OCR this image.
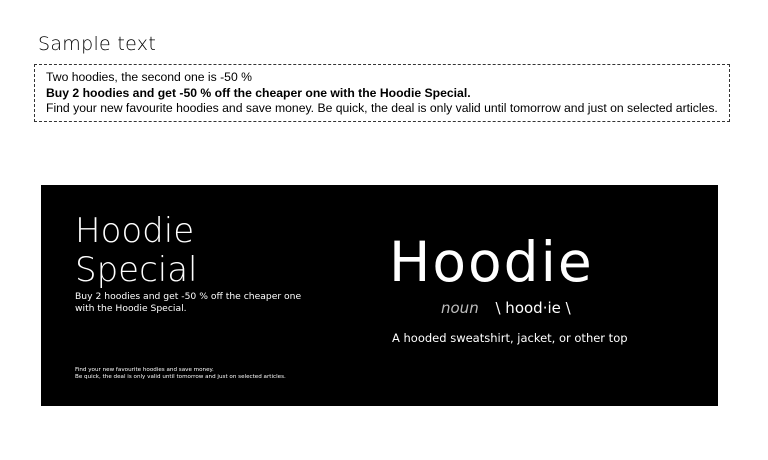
Sample text
Two hoodies, the second one is -50 %
Buy 2 hoodies and get -50 % off the cheaper one with the Hoodie Special.
Find your new favourite hoodies and save money. Be quick, the deal is only valid until tomorrow and just on selected articles.
Hoodie
Special
Buy 2 hoodies and get -50 % off the cheaper one with the Hoodie Special.
Find your new favourite hoodies and save money.
Be quick, the deal is only valid until tomorrow and just on selected articles.
Hoodie
noun \ hood·ie \
A hooded sweatshirt, jacket, or other top
